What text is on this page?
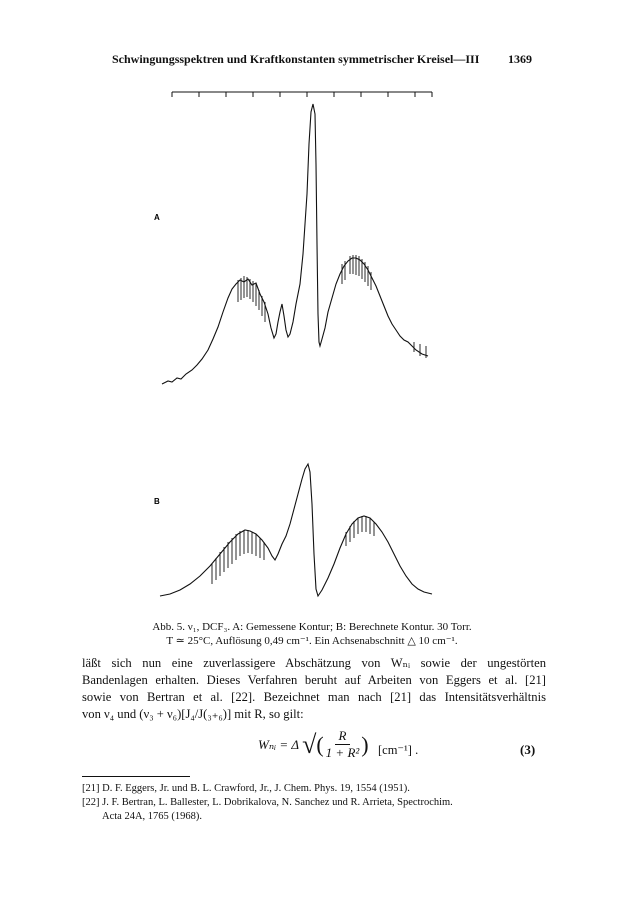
Schwingungsspektren und Kraftkonstanten symmetrischer Kreisel—III 1369
A
B
Abb. 5. ν₁, DCF₃. A: Gemessene Kontur; B: Berechnete Kontur. 30 Torr.
T ≃ 25°C, Auflösung 0,49 cm⁻¹. Ein Achsenabschnitt △ 10 cm⁻¹.

läßt sich nun eine zuverlassigere Abschätzung von Wₙᵢ sowie der ungestörten

Bandenlagen erhalten. Dieses Verfahren beruht auf Arbeiten von Eggers et al. [21]

sowie von Bertran et al. [22]. Bezeichnet man nach [21] das Intensitätsverhältnis

von ν₄ und (ν₃ + ν₆)[J₄/J(₃₊₆)] mit R, so gilt:

Wₙᵢ = Δ √ ( $\frac{R}{\text{1 + R²}}$ ) [cm⁻¹] .	(3)
[21] D. F. Eggers, Jr. und B. L. Crawford, Jr., J. Chem. Phys. 19, 1554 (1951).
[22] J. F. Bertran, L. Ballester, L. Dobrikalova, N. Sanchez und R. Arrieta, Spectrochim.
Acta 24A, 1765 (1968).
